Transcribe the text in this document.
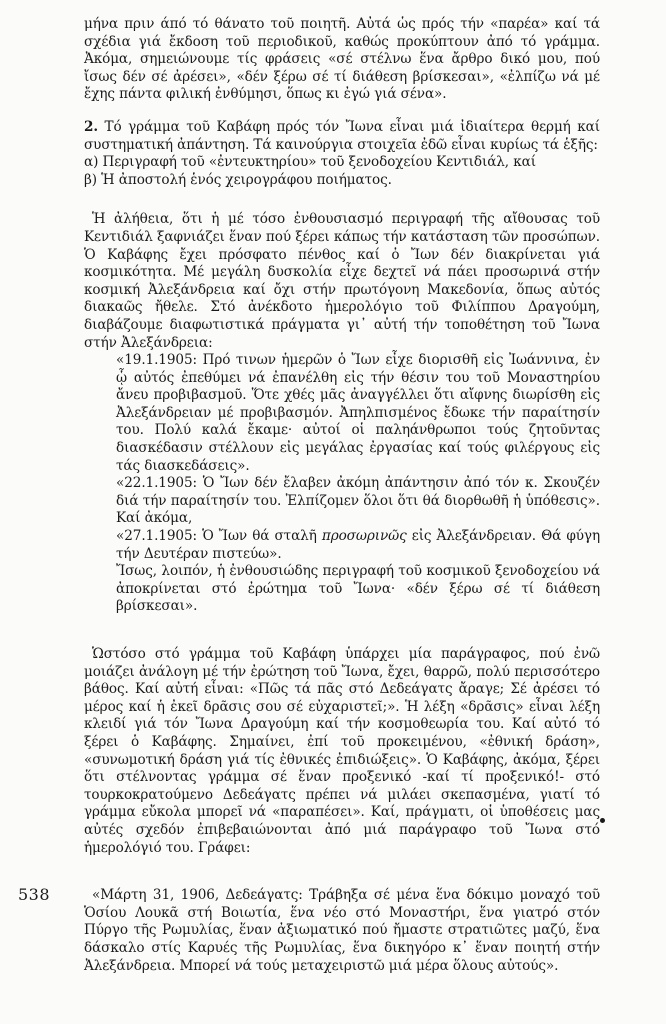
μήνα πριν άπό τό θάνατο τοῦ ποιητῆ. Αὐτά ὡς πρός τήν «παρέα» καί τά σχέδια γιά ἔκδοση τοῦ περιοδικοῦ, καθώς προκύπτουν ἀπό τό γράμμα. Ἀκόμα, σημειώνουμε τίς φράσεις «σέ στέλνω ἕνα ἄρθρο δικό μου, πού ἴσως δέν σέ ἀρέσει», «δέν ξέρω σέ τί διάθεση βρίσκεσαι», «ἐλπίζω νά μέ ἔχης πάντα φιλική ἐνθύμησι, ὅπως κι ἐγώ γιά σένα».

2. Τό γράμμα τοῦ Καβάφη πρός τόν Ἴωνα εἶναι μιά ἰδιαίτερα θερμή καί συστηματική ἀπάντηση. Τά καινούργια στοιχεῖα ἐδῶ εἶναι κυρίως τά ἑξῆς:

α) Περιγραφή τοῦ «ἐντευκτηρίου» τοῦ ξενοδοχείου Κεντιδιάλ, καί

β) Ἡ ἀποστολή ἑνός χειρογράφου ποιήματος.

Ἡ ἀλήθεια, ὅτι ἡ μέ τόσο ἐνθουσιασμό περιγραφή τῆς αἴθουσας τοῦ Κεντιδιάλ ξαφνιάζει ἕναν πού ξέρει κάπως τήν κατάσταση τῶν προσώπων. Ὁ Καβάφης ἔχει πρόσφατο πένθος καί ὁ Ἴων δέν διακρίνεται γιά κοσμικότητα. Μέ μεγάλη δυσκολία εἶχε δεχτεῖ νά πάει προσωρινά στήν κοσμική Ἀλεξάνδρεια καί ὄχι στήν πρωτόγονη Μακεδονία, ὅπως αὐτός διακαῶς ἤθελε. Στό ἀνέκδοτο ἡμερολόγιο τοῦ Φιλίππου Δραγούμη, διαβάζουμε διαφωτιστικά πράγματα γι᾽ αὐτή τήν τοποθέτηση τοῦ Ἴωνα στήν Ἀλεξάνδρεια:

«19.1.1905: Πρό τινων ἡμερῶν ὁ Ἴων εἶχε διορισθῆ εἰς Ἰωάννινα, ἐν ᾧ αὐτός ἐπεθύμει νά ἐπανέλθη εἰς τήν θέσιν του τοῦ Μοναστηρίου ἄνευ προβιβασμοῦ. Ὅτε χθές μᾶς ἀναγγέλλει ὅτι αἴφνης διωρίσθη εἰς Ἀλεξάνδρειαν μέ προβιβασμόν. Ἀπηλπισμένος ἔδωκε τήν παραίτησίν του. Πολύ καλά ἔκαμε· αὐτοί οἱ παληάνθρωποι τούς ζητοῦντας διασκέδασιν στέλλουν εἰς μεγάλας ἐργασίας καί τούς φιλέργους εἰς τάς διασκεδάσεις».

«22.1.1905: Ὁ Ἴων δέν ἔλαβεν ἀκόμη ἀπάντησιν ἀπό τόν κ. Σκουζέν διά τήν παραίτησίν του. Ἐλπίζομεν ὅλοι ὅτι θά διορθωθῆ ἡ ὑπόθεσις». Καί ἀκόμα,

«27.1.1905: Ὁ Ἴων θά σταλῆ προσωρινῶς εἰς Ἀλεξάνδρειαν. Θά φύγη τήν Δευτέραν πιστεύω».

Ἴσως, λοιπόν, ἡ ἐνθουσιώδης περιγραφή τοῦ κοσμικοῦ ξενοδοχείου νά ἀποκρίνεται στό ἐρώτημα τοῦ Ἴωνα· «δέν ξέρω σέ τί διάθεση βρίσκεσαι».

Ὡστόσο στό γράμμα τοῦ Καβάφη ὑπάρχει μία παράγραφος, πού ἐνῶ μοιάζει ἀνάλογη μέ τήν ἐρώτηση τοῦ Ἴωνα, ἔχει, θαρρῶ, πολύ περισσότερο βάθος. Καί αὐτή εἶναι: «Πῶς τά πᾶς στό Δεδεάγατς ἄραγε; Σέ ἀρέσει τό μέρος καί ἡ ἐκεῖ δρᾶσις σου σέ εὐχαριστεῖ;». Ἡ λέξη «δρᾶσις» εἶναι λέξη κλειδί γιά τόν Ἴωνα Δραγούμη καί τήν κοσμοθεωρία του. Καί αὐτό τό ξέρει ὁ Καβάφης. Σημαίνει, ἐπί τοῦ προκειμένου, «ἐθνική δράση», «συνωμοτική δράση γιά τίς ἐθνικές ἐπιδιώξεις». Ὁ Καβάφης, ἀκόμα, ξέρει ὅτι στέλνοντας γράμμα σέ ἕναν προξενικό -καί τί προξενικό!- στό τουρκοκρατούμενο Δεδεάγατς πρέπει νά μιλάει σκεπασμένα, γιατί τό γράμμα εὔκολα μπορεῖ νά «παραπέσει». Καί, πράγματι, οἱ ὑποθέσεις μας αὐτές σχεδόν ἐπιβεβαιώνονται ἀπό μιά παράγραφο τοῦ Ἴωνα στό ἡμερολόγιό του. Γράφει:

«Μάρτη 31, 1906, Δεδεάγατς: Τράβηξα σέ μένα ἕνα δόκιμο μοναχό τοῦ Ὁσίου Λουκᾶ στή Βοιωτία, ἕνα νέο στό Μοναστήρι, ἕνα γιατρό στόν Πύργο τῆς Ρωμυλίας, ἕναν ἀξιωματικό πού ἤμαστε στρατιῶτες μαζύ, ἕνα δάσκαλο στίς Καρυές τῆς Ρωμυλίας, ἕνα δικηγόρο κ᾽ ἕναν ποιητή στήν Ἀλεξάνδρεια. Μπορεί νά τούς μεταχειριστῶ μιά μέρα ὅλους αὐτούς».

538
